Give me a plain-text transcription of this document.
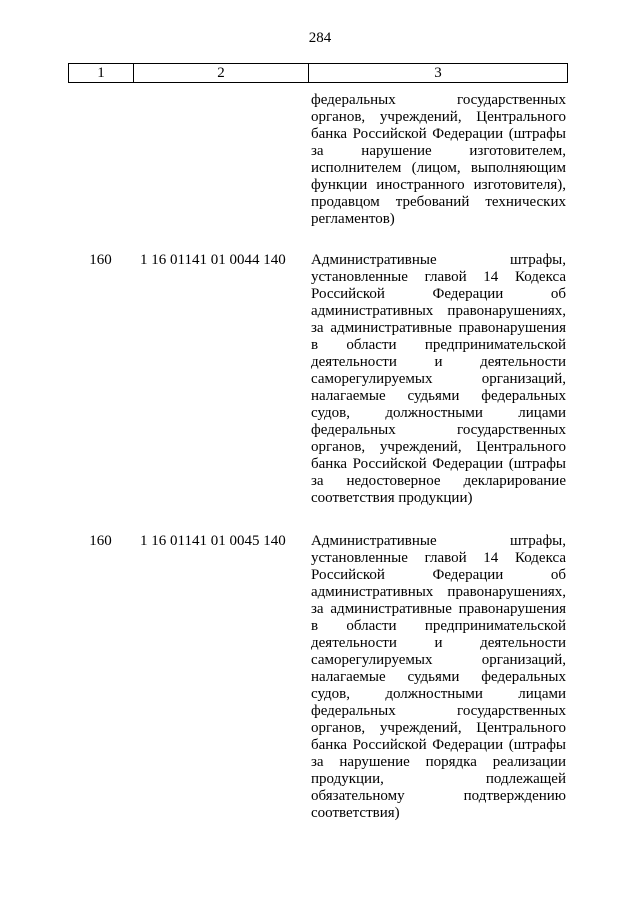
284
1	2	3
федеральных государственных
органов, учреждений, Центрального
банка Российской Федерации (штрафы
за нарушение изготовителем,
исполнителем (лицом, выполняющим
функции иностранного изготовителя),
продавцом требований технических
регламентов)
160	1 16 01141 01 0044 140	Административные штрафы,
установленные главой 14 Кодекса
Российской Федерации об
административных правонарушениях,
за административные правонарушения
в области предпринимательской
деятельности и деятельности
саморегулируемых организаций,
налагаемые судьями федеральных
судов, должностными лицами
федеральных государственных
органов, учреждений, Центрального
банка Российской Федерации (штрафы
за недостоверное декларирование
соответствия продукции)
160	1 16 01141 01 0045 140	Административные штрафы,
установленные главой 14 Кодекса
Российской Федерации об
административных правонарушениях,
за административные правонарушения
в области предпринимательской
деятельности и деятельности
саморегулируемых организаций,
налагаемые судьями федеральных
судов, должностными лицами
федеральных государственных
органов, учреждений, Центрального
банка Российской Федерации (штрафы
за нарушение порядка реализации
продукции, подлежащей
обязательному подтверждению
соответствия)
